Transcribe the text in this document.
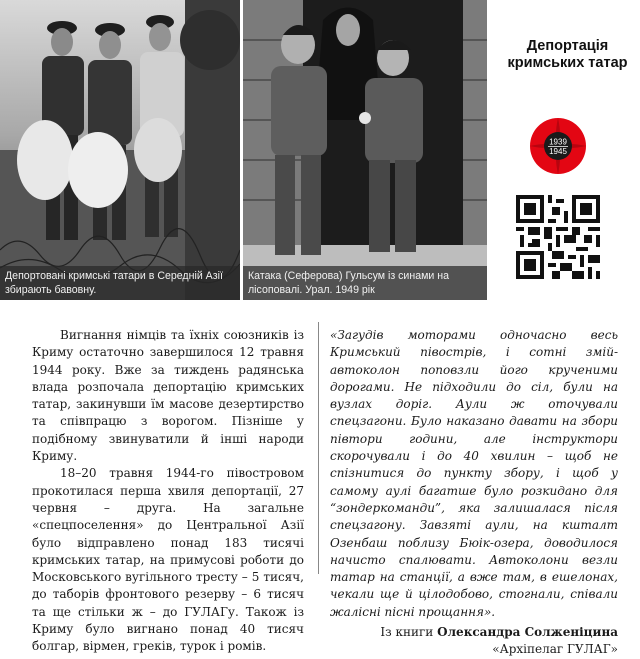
Депортовані кримські татари в Середній Азії збирають бавовну.
Катака (Сеферова) Гульсум із синами на лісоповалі. Урал. 1949 рік
Депортація кримських татар
1939
1945

Вигнання німців та їхніх союзників із Криму остаточно завершилося 12 травня 1944 року. Вже за тиждень радянська влада розпочала депортацію кримських татар, закинувши їм масове дезертирство та співпрацю з ворогом. Пізніше у подібному звинуватили й інші народи Криму.

18–20 травня 1944-го півостровом прокотилася перша хвиля депортації, 27 червня – друга. На загальне «спецпоселення» до Центральної Азії було відправлено понад 183 тисячі кримських татар, на примусові роботи до Московського вугільного тресту – 5 тисяч, до таборів фронтового резерву – 6 тисяч та ще стільки ж – до ГУЛАГу. Також із Криму було вигнано понад 40 тисяч болгар, вірмен, греків, турок і ромів.

«Загудів моторами одночасно весь Кримський півострів, і сотні змій-автоколон поповзли його крученими дорогами. Не підходили до сіл, були на вузлах доріг. Аули ж оточували спецзагони. Було наказано давати на збори півтори години, але інструктори скорочували і до 40 хвилин – щоб не спізнитися до пункту збору, і щоб у самому аулі багатше було розкидано для “зондеркоманди”, яка залишалася після спецзагону. Завзяті аули, на кшталт Озенбаш поблизу Бюік-озера, доводилося начисто спалювати. Автоколони везли татар на станції, а вже там, в ешелонах, чекали ще й цілодобово, стогнали, співали жалісні пісні прощання».

Із книги Олександра Солженіцина
«Архіпелаг ГУЛАГ»
